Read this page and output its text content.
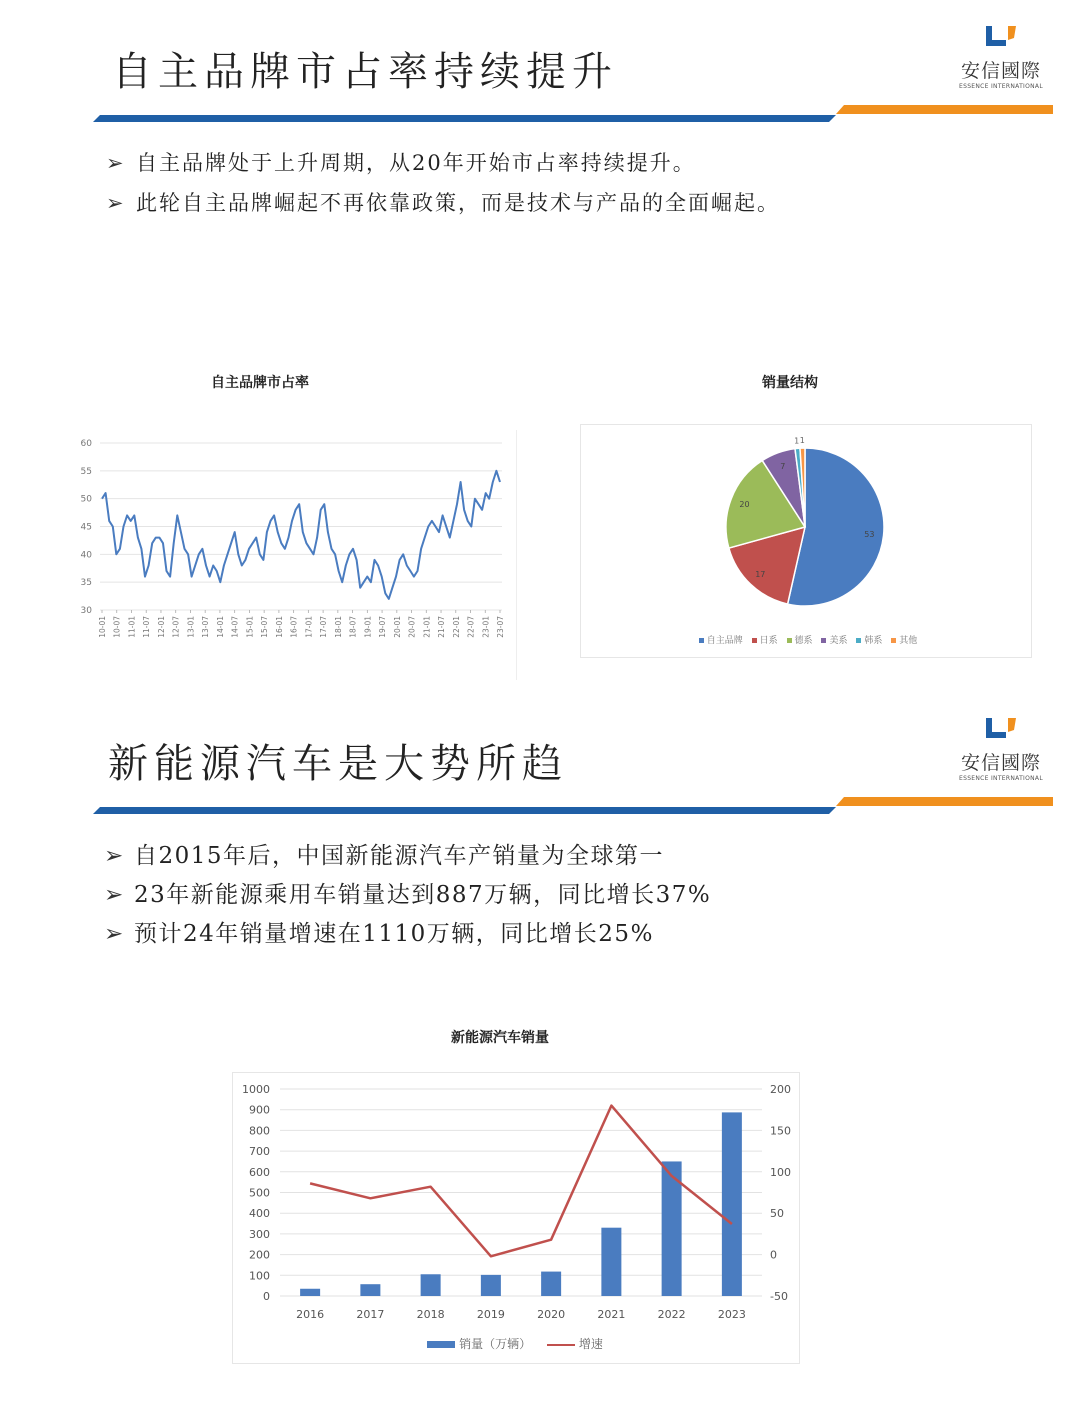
自主品牌市占率持续提升	安信國際
ESSENCE INTERNATIONAL
➢ 自主品牌处于上升周期，从20年开始市占率持续提升。
➢ 此轮自主品牌崛起不再依靠政策，而是技术与产品的全面崛起。
自主品牌市占率
30
35
40
45
50
55
60
10-01 10-07 11-01 11-07 12-01 12-07 13-01 13-07 14-01 14-07 15-01 15-07 16-01 16-07 17-01 17-07 18-01 18-07 19-01 19-07 20-01 20-07 21-01 21-07 22-01 22-07 23-01 23-07
销量结构
53
17
20
7
1 1
自主品牌 日系 德系 美系 韩系 其他
新能源汽车是大势所趋	安信國際
ESSENCE INTERNATIONAL
➢ 自2015年后，中国新能源汽车产销量为全球第一
➢ 23年新能源乘用车销量达到887万辆，同比增长37%
➢ 预计24年销量增速在1110万辆，同比增长25%
新能源汽车销量
0
100
200
300
400
500
600
700
800
900
1000
-50
0
50
100
150
200
2016	2017	2018	2019	2020	2021	2022	2023
销量（万辆）	增速
